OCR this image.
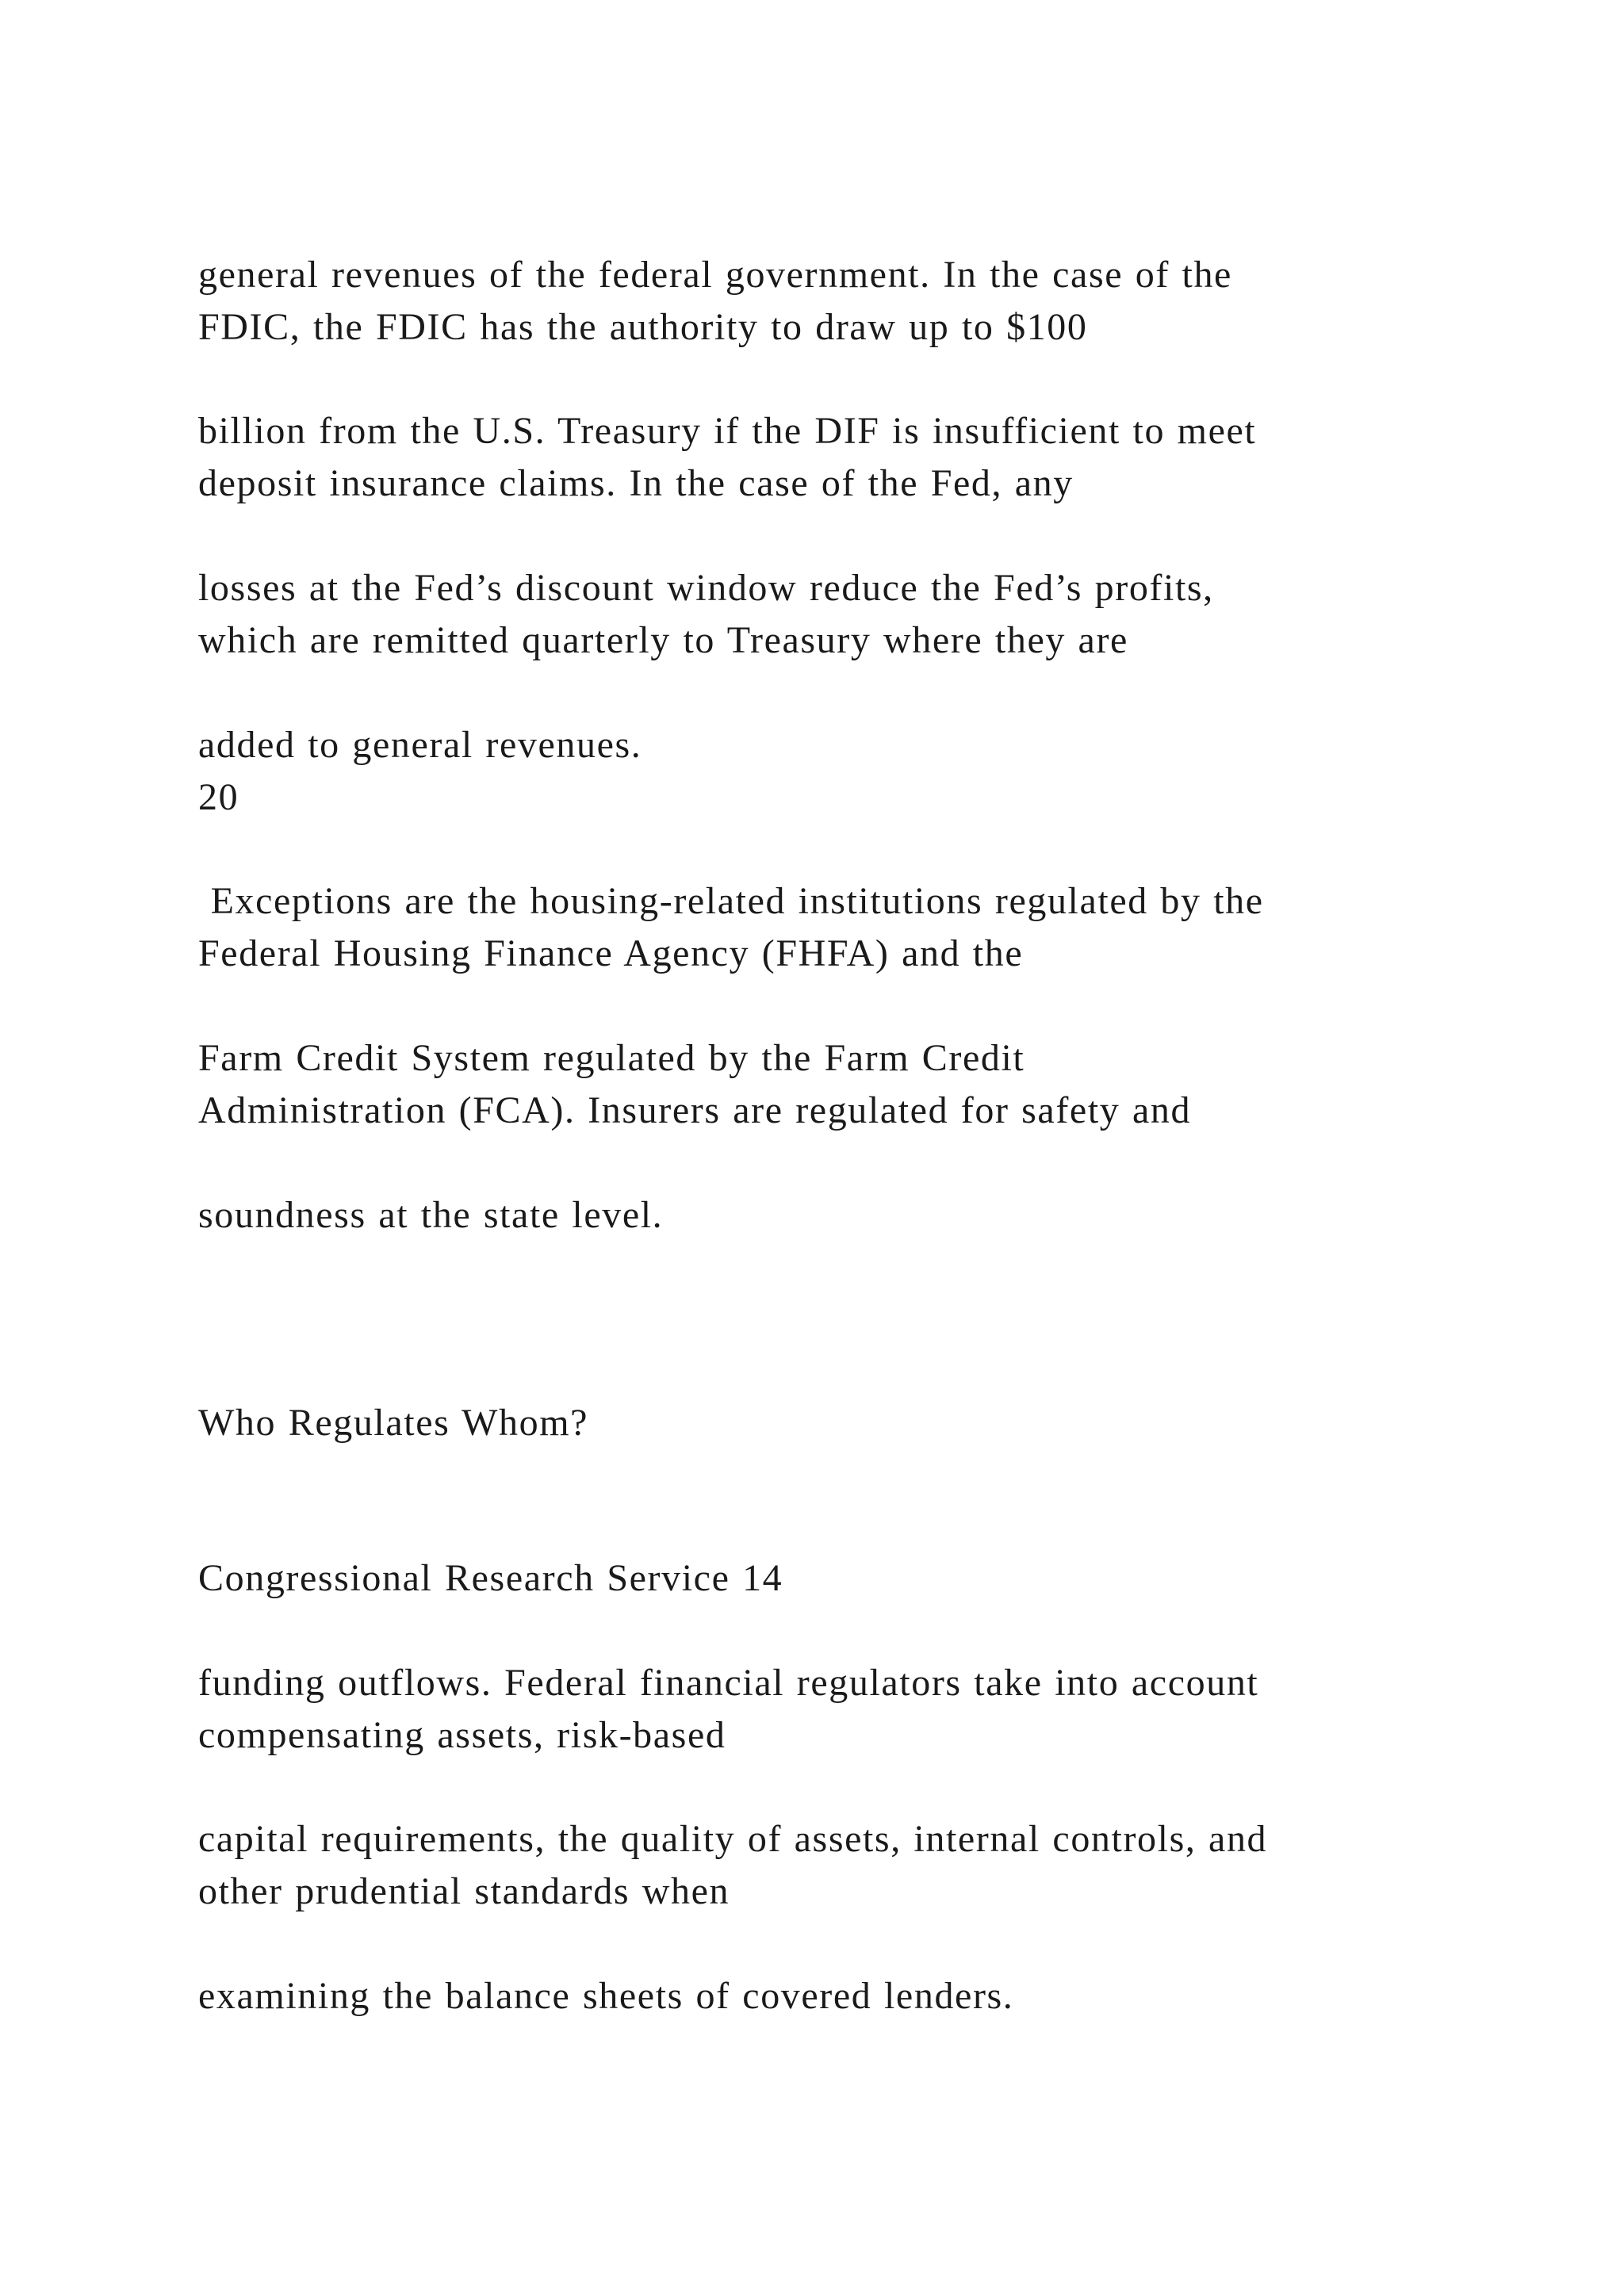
general revenues of the federal government. In the case of the
FDIC, the FDIC has the authority to draw up to $100
billion from the U.S. Treasury if the DIF is insufficient to meet
deposit insurance claims. In the case of the Fed, any
losses at the Fed’s discount window reduce the Fed’s profits,
which are remitted quarterly to Treasury where they are
added to general revenues.
20
Exceptions are the housing-related institutions regulated by the
Federal Housing Finance Agency (FHFA) and the
Farm Credit System regulated by the Farm Credit
Administration (FCA). Insurers are regulated for safety and
soundness at the state level.
Who Regulates Whom?
Congressional Research Service 14
funding outflows. Federal financial regulators take into account
compensating assets, risk-based
capital requirements, the quality of assets, internal controls, and
other prudential standards when
examining the balance sheets of covered lenders.
